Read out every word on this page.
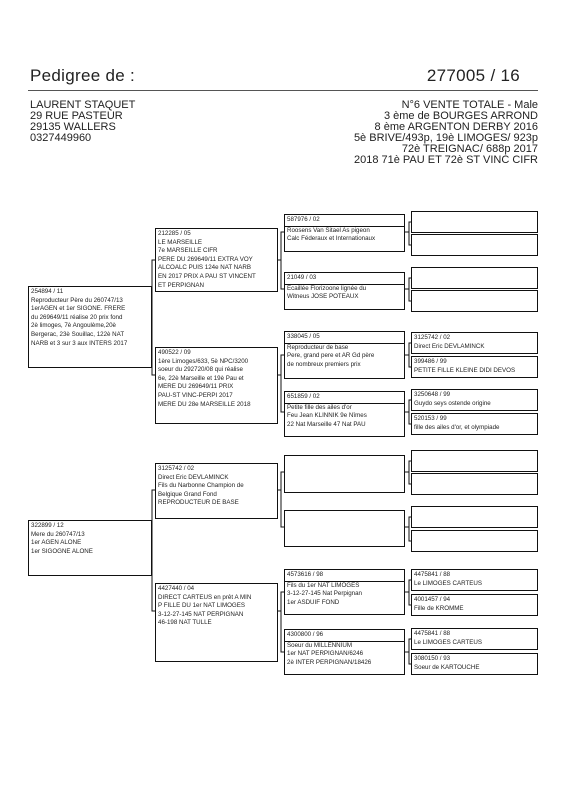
Pedigree de :	277005 / 16
LAURENT STAQUET
29 RUE PASTEUR
29135 WALLERS
0327449960
N°6 VENTE TOTALE - Male
3 ème de BOURGES ARROND
8 ème ARGENTON DERBY 2016
5è BRIVE/493p, 19è LIMOGES/ 923p
72è TREIGNAC/ 688p 2017
2018 71è PAU ET 72è ST VINC CIFR
254894 / 11
Reproducteur Père du 260747/13
1erAGEN et 1er SIGONE. FRERE
du 269649/11 réalise 20 prix fond
2è limoges, 7è Angoulème,20è
Bergerac, 23è Souillac, 122è NAT
NARB et 3 sur 3 aux INTERS 2017
322899 / 12
Mere du 260747/13
1er AGEN ALONE
1er SIGOGNE ALONE
212285 / 05
LE MARSEILLE
7e MARSEILLE CIFR
PERE DU 269649/11 EXTRA VOY
ALCOALC PUIS 124e NAT NARB
EN 2017 PRIX A PAU ST VINCENT
ET PERPIGNAN
490522 / 09
1ère Limoges/633, 5è NPC/3200
soeur du 292720/08 qui réalise
6e, 22è Marseille et 19è Pau et
MERE DU 269649/11 PRIX
PAU-ST VINC-PERPI 2017
MERE DU 28e MARSEILLE 2018
3125742 / 02
Direct Eric DEVLAMINCK
Fils du Narbonne Champion de
Belgique Grand Fond
REPRODUCTEUR DE BASE
4427440 / 04
DIRECT CARTEUS en prêt A MIN
P FILLE DU 1er NAT LIMOGES
3-12-27-145 NAT PERPIGNAN
46-198 NAT TULLE
587976 / 02
Roosens Van Sitael As pigeon
Calc Féderaux et Internationaux
21049 / 03
Ecaillée Florizoone lignée du
Witneus JOSE POTEAUX
338045 / 05
Reproducteur de base
Pere, grand pere et AR Gd père
de nombreux premiers prix
651859 / 02
Petite fille des ailes d'or
Feu Jean KLINNIK 9e Nîmes
22 Nat Marseille 47 Nat PAU
4573616 / 98
Fils du 1er NAT LIMOGES
3-12-27-145 Nat Perpignan
1er ASDUIF FOND
4300800 / 96
Soeur du MILLENNIUM
1er NAT PERPIGNAN/6246
2è INTER PERPIGNAN/18426
3125742 / 02
Direct Eric DEVLAMINCK
399486 / 99
PETITE FILLE KLEINE DIDI DEVOS
3250648 / 99
Guydo seys ostende origine
520153 / 99
fille des ailes d'or, et olympiade
4475841 / 88
Le LIMOGES CARTEUS
4001457 / 94
Fille de KROMME
4475841 / 88
Le LIMOGES CARTEUS
3080150 / 93
Soeur de KARTOUCHE
